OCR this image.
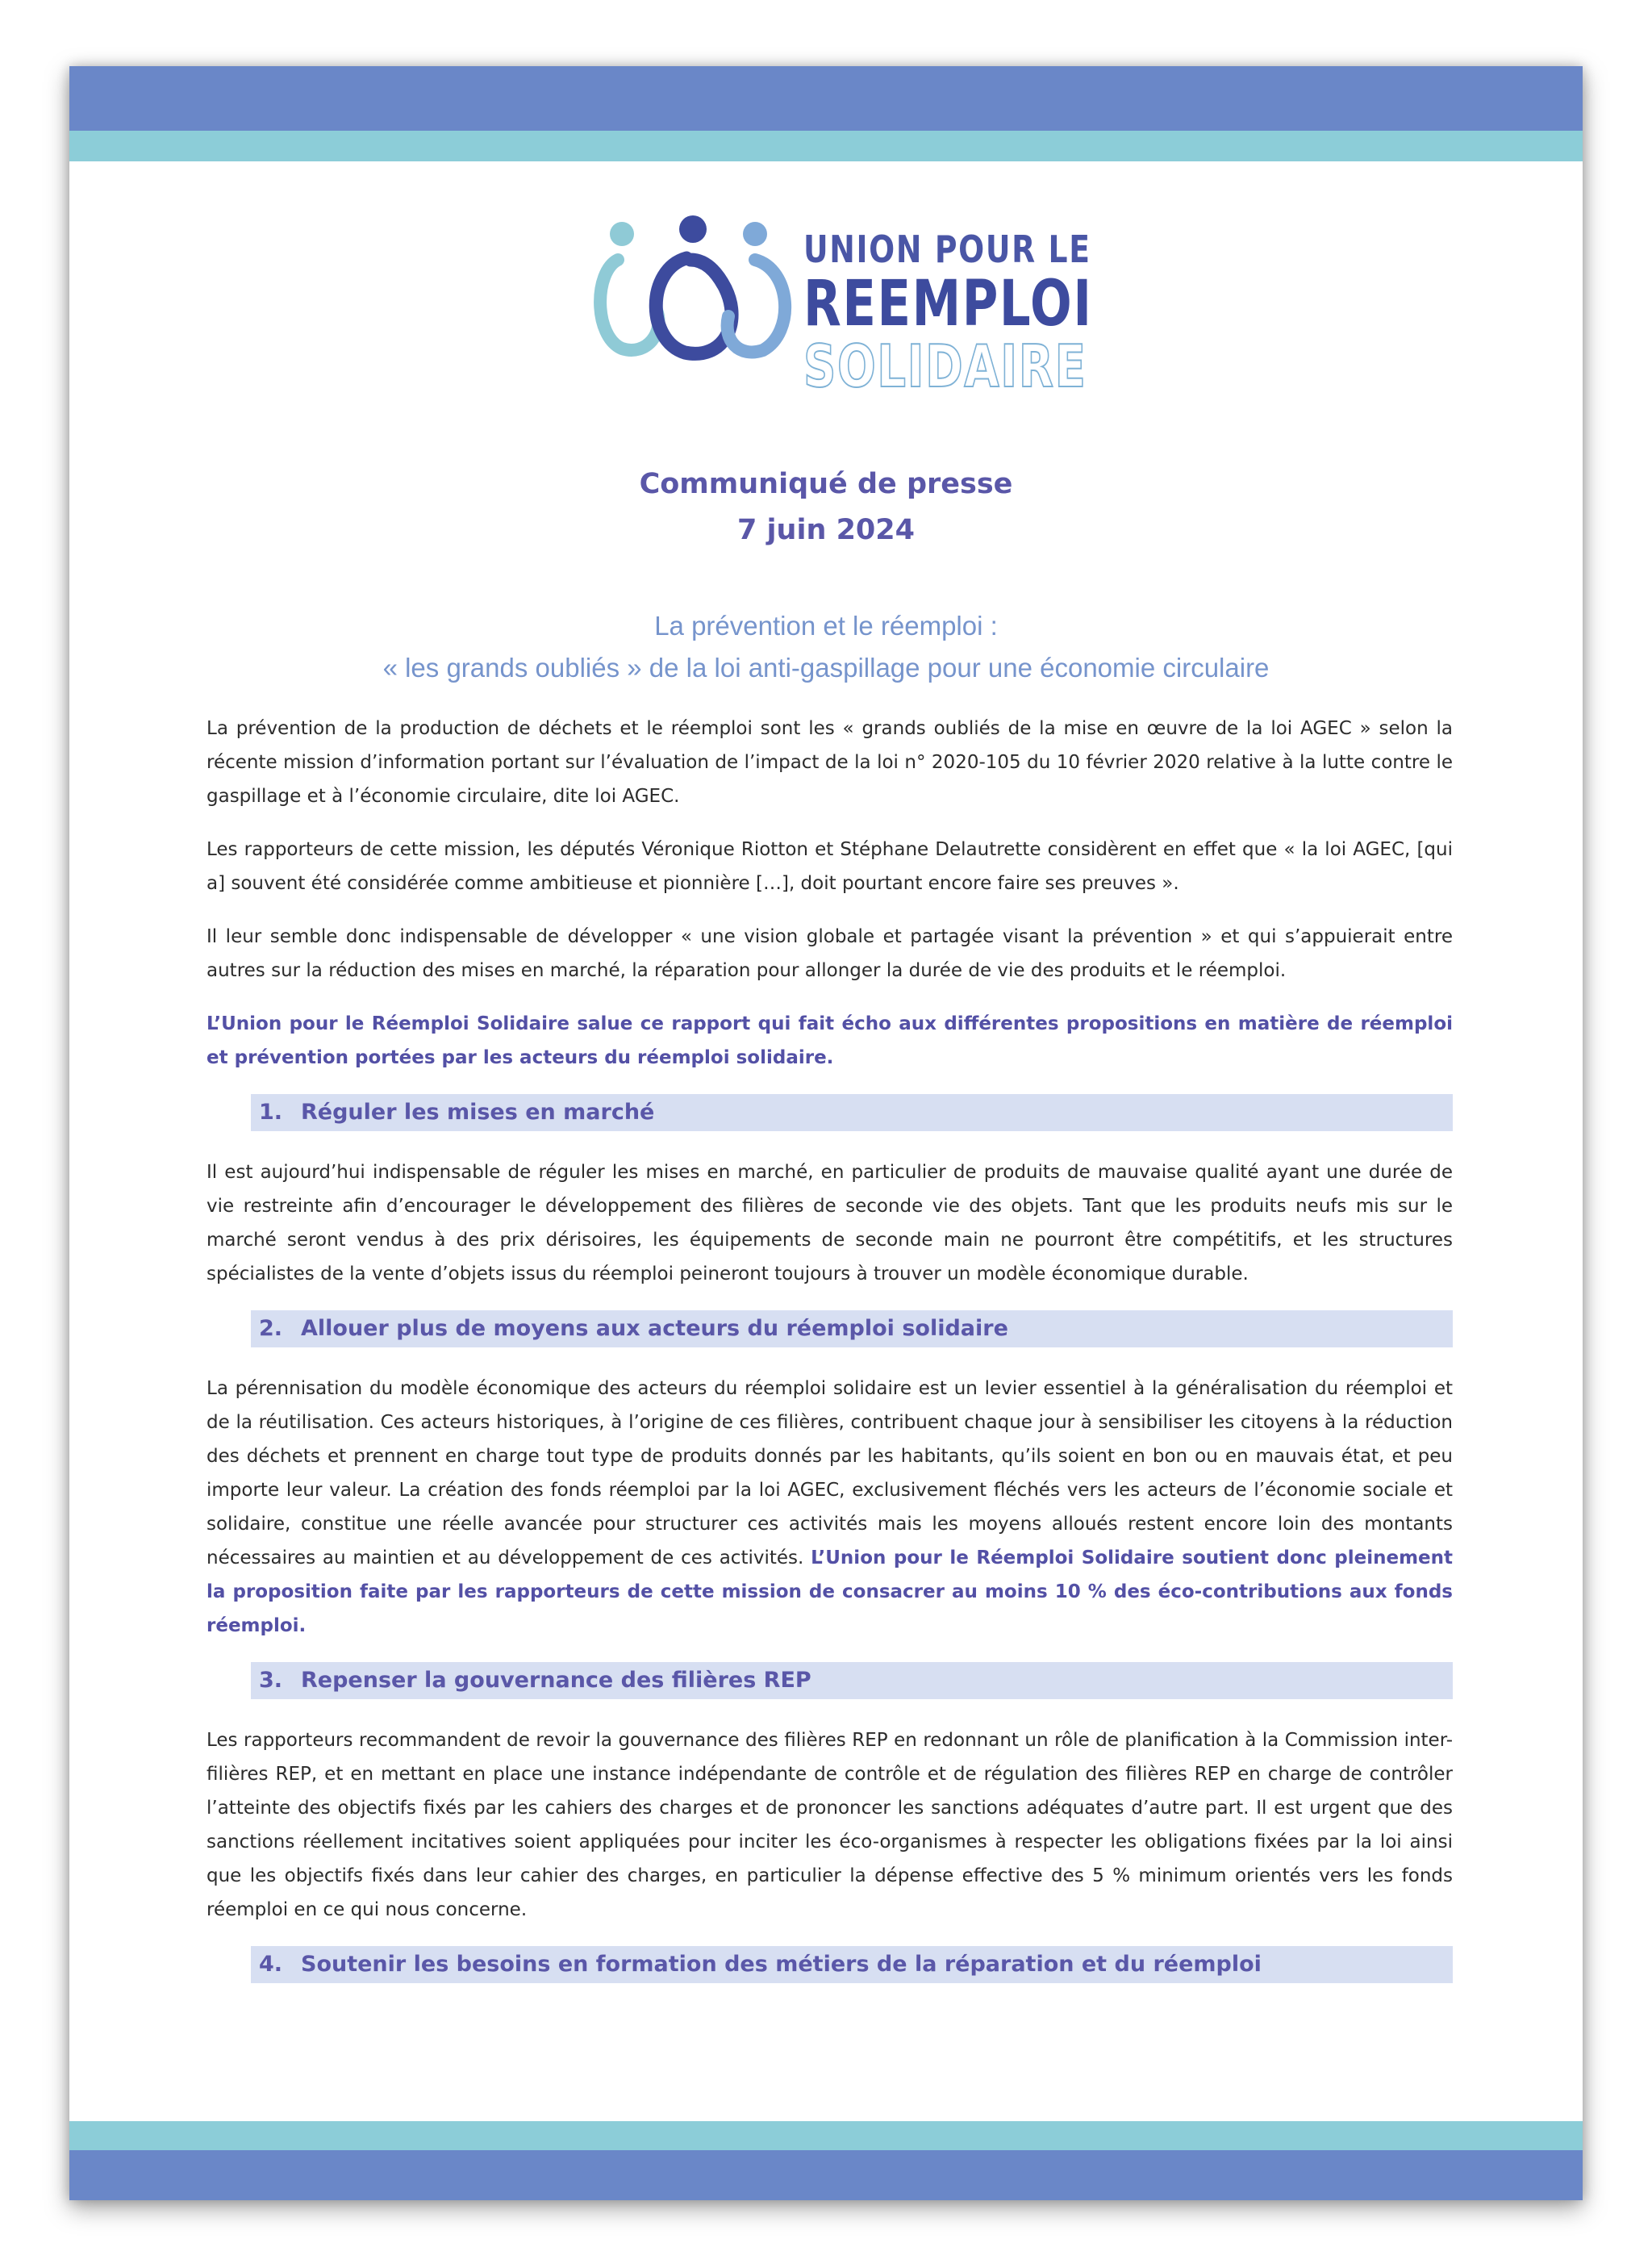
UNION POUR LE
REEMPLOI
SOLIDAIRE
Communiqué de presse
7 juin 2024
La prévention et le réemploi :
« les grands oubliés » de la loi anti-gaspillage pour une économie circulaire

La prévention de la production de déchets et le réemploi sont les « grands oubliés de la mise en œuvre de la loi AGEC » selon la récente mission d’information portant sur l’évaluation de l’impact de la loi n° 2020-105 du 10 février 2020 relative à la lutte contre le gaspillage et à l’économie circulaire, dite loi AGEC.

Les rapporteurs de cette mission, les députés Véronique Riotton et Stéphane Delautrette considèrent en effet que « la loi AGEC, [qui a] souvent été considérée comme ambitieuse et pionnière […], doit pourtant encore faire ses preuves ».

Il leur semble donc indispensable de développer « une vision globale et partagée visant la prévention » et qui s’appuierait entre autres sur la réduction des mises en marché, la réparation pour allonger la durée de vie des produits et le réemploi.

L’Union pour le Réemploi Solidaire salue ce rapport qui fait écho aux différentes propositions en matière de réemploi et prévention portées par les acteurs du réemploi solidaire.

1. Réguler les mises en marché

Il est aujourd’hui indispensable de réguler les mises en marché, en particulier de produits de mauvaise qualité ayant une durée de vie restreinte afin d’encourager le développement des filières de seconde vie des objets. Tant que les produits neufs mis sur le marché seront vendus à des prix dérisoires, les équipements de seconde main ne pourront être compétitifs, et les structures spécialistes de la vente d’objets issus du réemploi peineront toujours à trouver un modèle économique durable.

2. Allouer plus de moyens aux acteurs du réemploi solidaire

La pérennisation du modèle économique des acteurs du réemploi solidaire est un levier essentiel à la généralisation du réemploi et de la réutilisation. Ces acteurs historiques, à l’origine de ces filières, contribuent chaque jour à sensibiliser les citoyens à la réduction des déchets et prennent en charge tout type de produits donnés par les habitants, qu’ils soient en bon ou en mauvais état, et peu importe leur valeur. La création des fonds réemploi par la loi AGEC, exclusivement fléchés vers les acteurs de l’économie sociale et solidaire, constitue une réelle avancée pour structurer ces activités mais les moyens alloués restent encore loin des montants nécessaires au maintien et au développement de ces activités. L’Union pour le Réemploi Solidaire soutient donc pleinement la proposition faite par les rapporteurs de cette mission de consacrer au moins 10 % des éco-contributions aux fonds réemploi.

3. Repenser la gouvernance des filières REP

Les rapporteurs recommandent de revoir la gouvernance des filières REP en redonnant un rôle de planification à la Commission inter-filières REP, et en mettant en place une instance indépendante de contrôle et de régulation des filières REP en charge de contrôler l’atteinte des objectifs fixés par les cahiers des charges et de prononcer les sanctions adéquates d’autre part. Il est urgent que des sanctions réellement incitatives soient appliquées pour inciter les éco-organismes à respecter les obligations fixées par la loi ainsi que les objectifs fixés dans leur cahier des charges, en particulier la dépense effective des 5 % minimum orientés vers les fonds réemploi en ce qui nous concerne.

4. Soutenir les besoins en formation des métiers de la réparation et du réemploi
